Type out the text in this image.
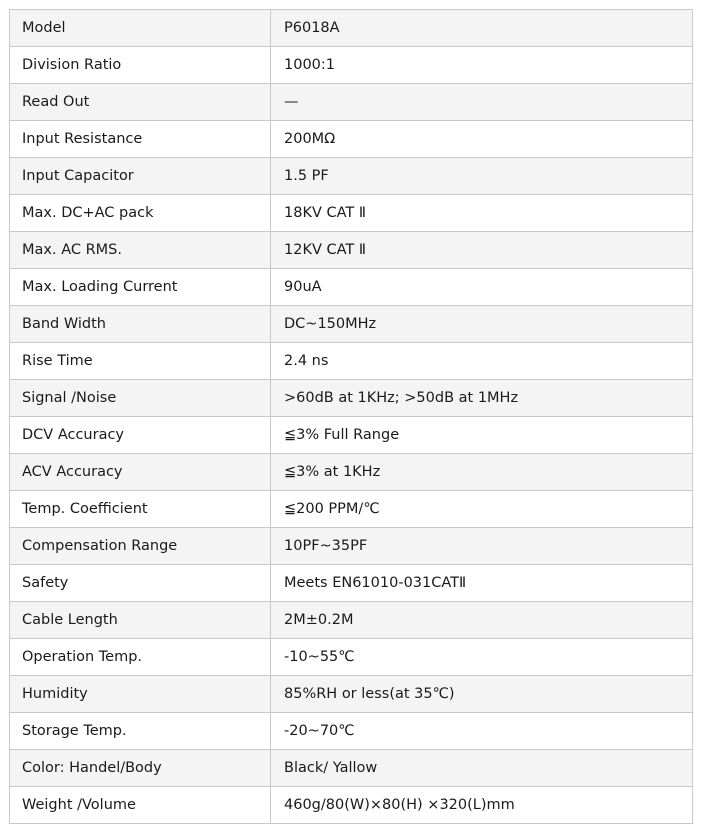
Model	P6018A
Division Ratio	1000:1
Read Out	—
Input Resistance	200MΩ
Input Capacitor	1.5 PF
Max. DC+AC pack	18KV CAT Ⅱ
Max. AC RMS.	12KV CAT Ⅱ
Max. Loading Current	90uA
Band Width	DC~150MHz
Rise Time	2.4 ns
Signal /Noise	>60dB at 1KHz; >50dB at 1MHz
DCV Accuracy	≦3% Full Range
ACV Accuracy	≦3% at 1KHz
Temp. Coefficient	≦200 PPM/℃
Compensation Range	10PF~35PF
Safety	Meets EN61010-031CATⅡ
Cable Length	2M±0.2M
Operation Temp.	-10~55℃
Humidity	85%RH or less(at 35℃)
Storage Temp.	-20~70℃
Color: Handel/Body	Black/ Yallow
Weight /Volume	460g/80(W)×80(H) ×320(L)mm
